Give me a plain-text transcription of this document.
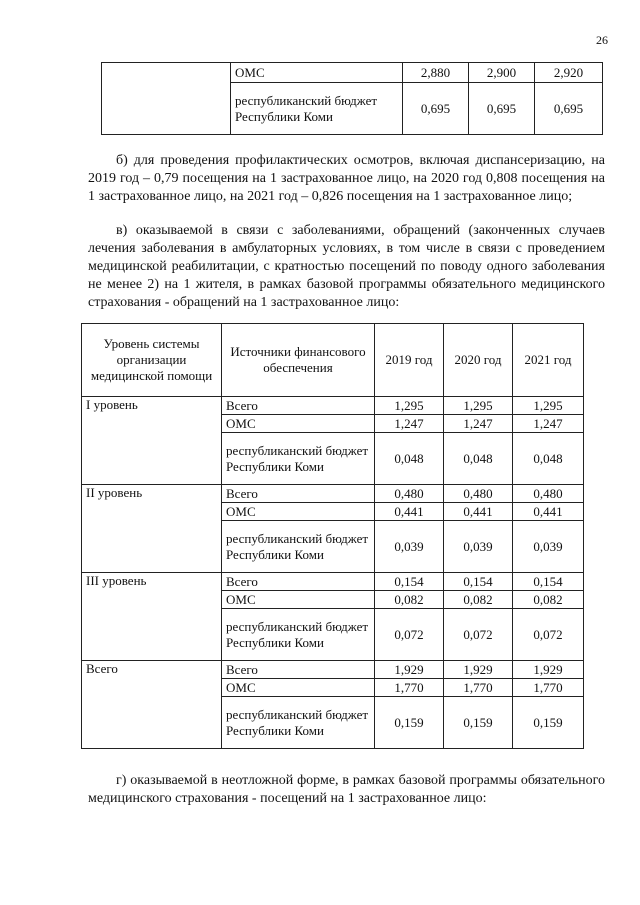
26
	ОМС	2,880	2,900	2,920
	республиканский бюджет Республики Коми	0,695	0,695	0,695

б) для проведения профилактических осмотров, включая диспансеризацию, на 2019 год – 0,79 посещения на 1 застрахованное лицо, на 2020 год 0,808 посещения на 1 застрахованное лицо, на 2021 год – 0,826 посещения на 1 застрахованное лицо;

в) оказываемой в связи с заболеваниями, обращений (законченных случаев лечения заболевания в амбулаторных условиях, в том числе в связи с проведением медицинской реабилитации, с кратностью посещений по поводу одного заболевания не менее 2) на 1 жителя, в рамках базовой программы обязательного медицинского страхования - обращений на 1 застрахованное лицо:

Уровень системы организации медицинской помощи	Источники финансового обеспечения	2019 год	2020 год	2021 год
I уровень	Всего	1,295	1,295	1,295
	ОМС	1,247	1,247	1,247
	республиканский бюджет Республики Коми	0,048	0,048	0,048
II уровень	Всего	0,480	0,480	0,480
	ОМС	0,441	0,441	0,441
	республиканский бюджет Республики Коми	0,039	0,039	0,039
III уровень	Всего	0,154	0,154	0,154
	ОМС	0,082	0,082	0,082
	республиканский бюджет Республики Коми	0,072	0,072	0,072
Всего	Всего	1,929	1,929	1,929
	ОМС	1,770	1,770	1,770
	республиканский бюджет Республики Коми	0,159	0,159	0,159

г) оказываемой в неотложной форме, в рамках базовой программы обязательного медицинского страхования - посещений на 1 застрахованное лицо:
